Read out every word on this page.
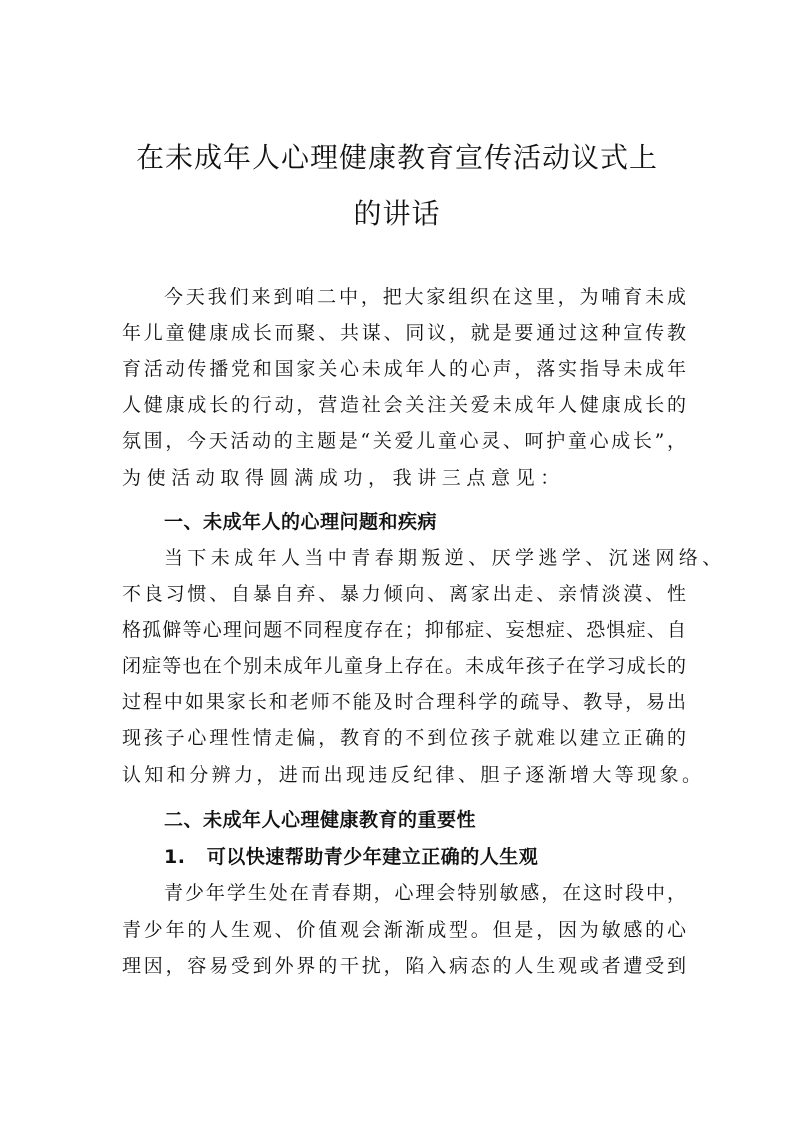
在未成年人心理健康教育宣传活动议式上
的讲话
今天我们来到咱二中，把大家组织在这里，为哺育未成
年儿童健康成长而聚、共谋、同议，就是要通过这种宣传教
育活动传播党和国家关心未成年人的心声，落实指导未成年
人健康成长的行动，营造社会关注关爱未成年人健康成长的
氛围，今天活动的主题是“关爱儿童心灵、呵护童心成长”，
为使活动取得圆满成功，我讲三点意见：
一、未成年人的心理问题和疾病
当下未成年人当中青春期叛逆、厌学逃学、沉迷网络、
不良习惯、自暴自弃、暴力倾向、离家出走、亲情淡漠、性
格孤僻等心理问题不同程度存在；抑郁症、妄想症、恐惧症、自
闭症等也在个别未成年儿童身上存在。未成年孩子在学习成长的
过程中如果家长和老师不能及时合理科学的疏导、教导，易出
现孩子心理性情走偏，教育的不到位孩子就难以建立正确的
认知和分辨力，进而出现违反纪律、胆子逐渐增大等现象。
二、未成年人心理健康教育的重要性
1.   可以快速帮助青少年建立正确的人生观
青少年学生处在青春期，心理会特别敏感，在这时段中，
青少年的人生观、价值观会渐渐成型。但是，因为敏感的心
理因，容易受到外界的干扰，陷入病态的人生观或者遭受到
